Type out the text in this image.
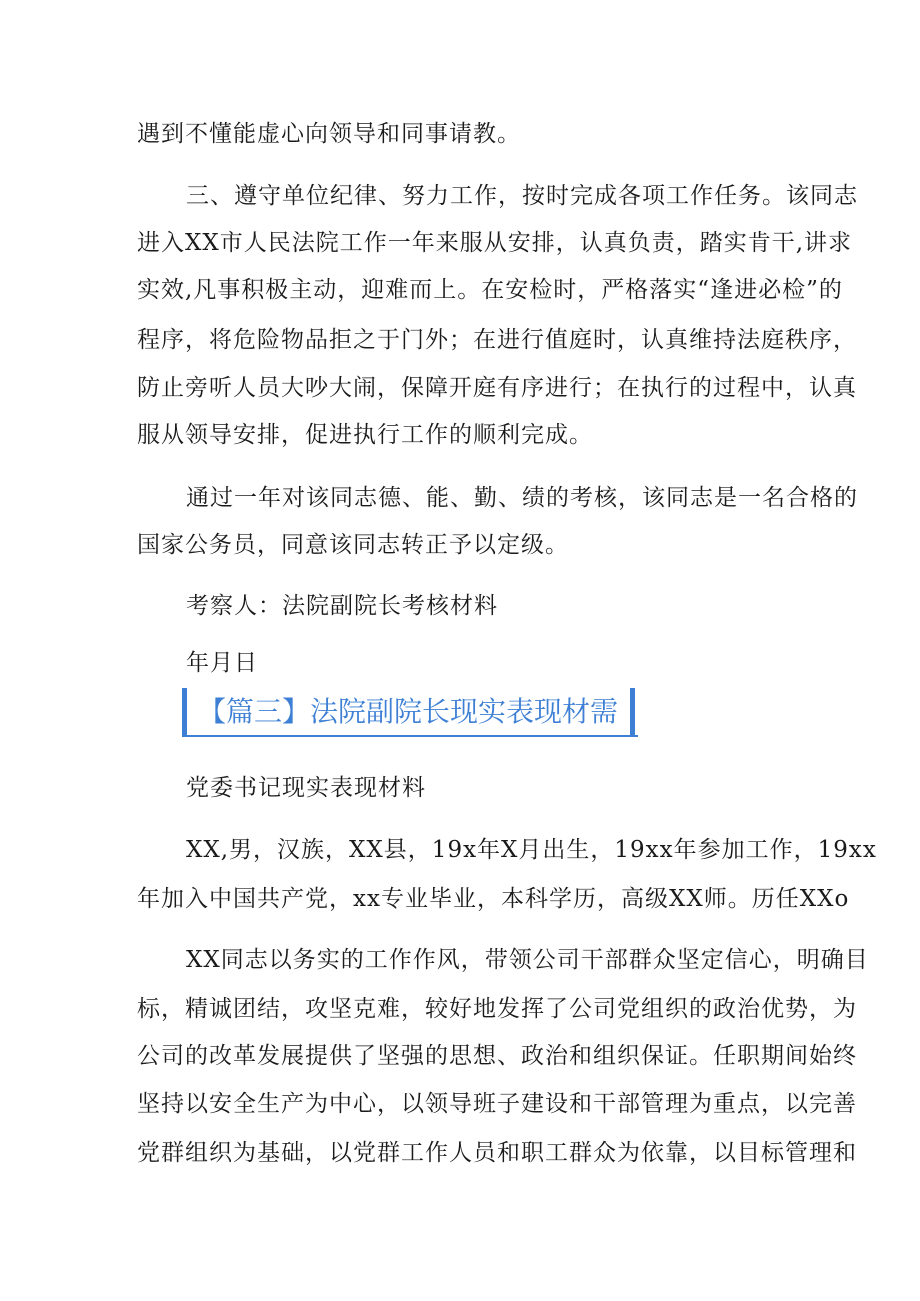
遇到不懂能虚心向领导和同事请教。
三、遵守单位纪律、努力工作，按时完成各项工作任务。该同志
进入XX市人民法院工作一年来服从安排，认真负责，踏实肯干,讲求
实效,凡事积极主动，迎难而上。在安检时，严格落实“逢进必检”的
程序，将危险物品拒之于门外；在进行值庭时，认真维持法庭秩序，
防止旁听人员大吵大闹，保障开庭有序进行；在执行的过程中，认真
服从领导安排，促进执行工作的顺利完成。
通过一年对该同志德、能、勤、绩的考核，该同志是一名合格的
国家公务员，同意该同志转正予以定级。
考察人：法院副院长考核材料
年月日
【篇三】法院副院长现实表现材需
党委书记现实表现材料
XX,男，汉族，XX县，19x年X月出生，19xx年参加工作，19xx
年加入中国共产党，xx专业毕业，本科学历，高级XX师。历任XXo
XX同志以务实的工作作风，带领公司干部群众坚定信心，明确目
标，精诚团结，攻坚克难，较好地发挥了公司党组织的政治优势，为
公司的改革发展提供了坚强的思想、政治和组织保证。任职期间始终
坚持以安全生产为中心，以领导班子建设和干部管理为重点，以完善
党群组织为基础，以党群工作人员和职工群众为依靠，以目标管理和
